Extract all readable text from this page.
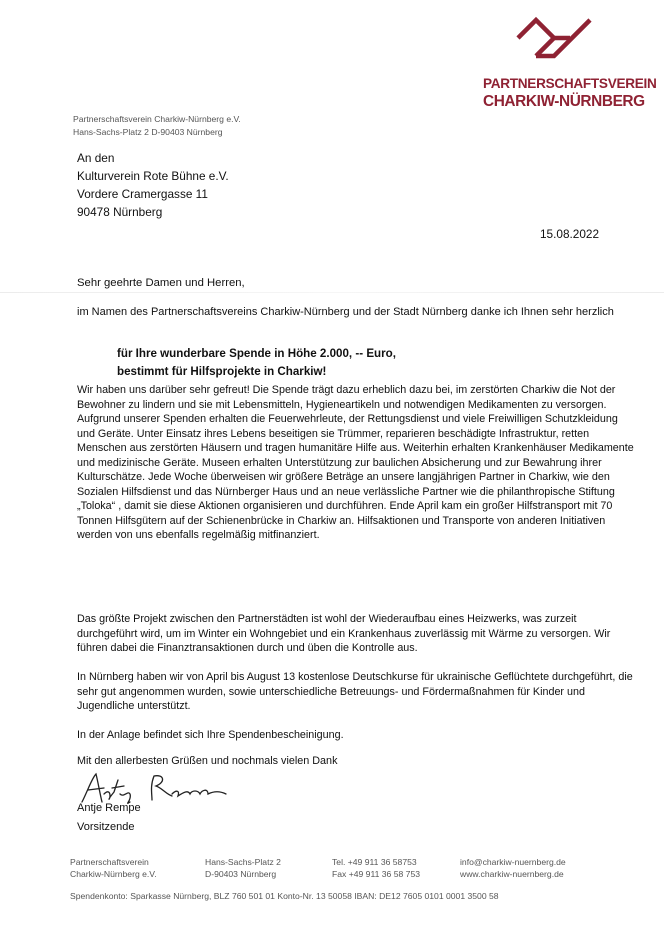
PARTNERSCHAFTSVEREIN
CHARKIW-NÜRNBERG
Partnerschaftsverein Charkiw-Nürnberg e.V.
Hans-Sachs-Platz 2 D-90403 Nürnberg
An den
Kulturverein Rote Bühne e.V.
Vordere Cramergasse 11
90478 Nürnberg
15.08.2022
Sehr geehrte Damen und Herren,
im Namen des Partnerschaftsvereins Charkiw-Nürnberg und der Stadt Nürnberg danke ich Ihnen sehr herzlich
für Ihre wunderbare Spende in Höhe 2.000, -- Euro,
bestimmt für Hilfsprojekte in Charkiw!
Wir haben uns darüber sehr gefreut! Die Spende trägt dazu erheblich dazu bei, im zerstörten Charkiw die Not der Bewohner zu lindern und sie mit Lebensmitteln, Hygieneartikeln und notwendigen Medikamenten zu versorgen. Aufgrund unserer Spenden erhalten die Feuerwehrleute, der Rettungsdienst und viele Freiwilligen Schutzkleidung und Geräte. Unter Einsatz ihres Lebens beseitigen sie Trümmer, reparieren beschädigte Infrastruktur, retten Menschen aus zerstörten Häusern und tragen humanitäre Hilfe aus. Weiterhin erhalten Krankenhäuser Medikamente und medizinische Geräte. Museen erhalten Unterstützung zur baulichen Absicherung und zur Bewahrung ihrer Kulturschätze. Jede Woche überweisen wir größere Beträge an unsere langjährigen Partner in Charkiw, wie den Sozialen Hilfsdienst und das Nürnberger Haus und an neue verlässliche Partner wie die philanthropische Stiftung „Toloka“ , damit sie diese Aktionen organisieren und durchführen. Ende April kam ein großer Hilfstransport mit 70 Tonnen Hilfsgütern auf der Schienenbrücke in Charkiw an. Hilfsaktionen und Transporte von anderen Initiativen werden von uns ebenfalls regelmäßig mitfinanziert.
Das größte Projekt zwischen den Partnerstädten ist wohl der Wiederaufbau eines Heizwerks, was zurzeit durchgeführt wird, um im Winter ein Wohngebiet und ein Krankenhaus zuverlässig mit Wärme zu versorgen. Wir führen dabei die Finanztransaktionen durch und üben die Kontrolle aus.
In Nürnberg haben wir von April bis August 13 kostenlose Deutschkurse für ukrainische Geflüchtete durchgeführt, die sehr gut angenommen wurden, sowie unterschiedliche Betreuungs- und Fördermaßnahmen für Kinder und Jugendliche unterstützt.
In der Anlage befindet sich Ihre Spendenbescheinigung.
Mit den allerbesten Grüßen und nochmals vielen Dank
Antje Rempe
Vorsitzende
Partnerschaftsverein
Charkiw-Nürnberg e.V.
Hans-Sachs-Platz 2
D-90403 Nürnberg
Tel. +49 911 36 58753
Fax +49 911 36 58 753
info@charkiw-nuernberg.de
www.charkiw-nuernberg.de
Spendenkonto: Sparkasse Nürnberg, BLZ 760 501 01 Konto-Nr. 13 50058 IBAN: DE12 7605 0101 0001 3500 58
